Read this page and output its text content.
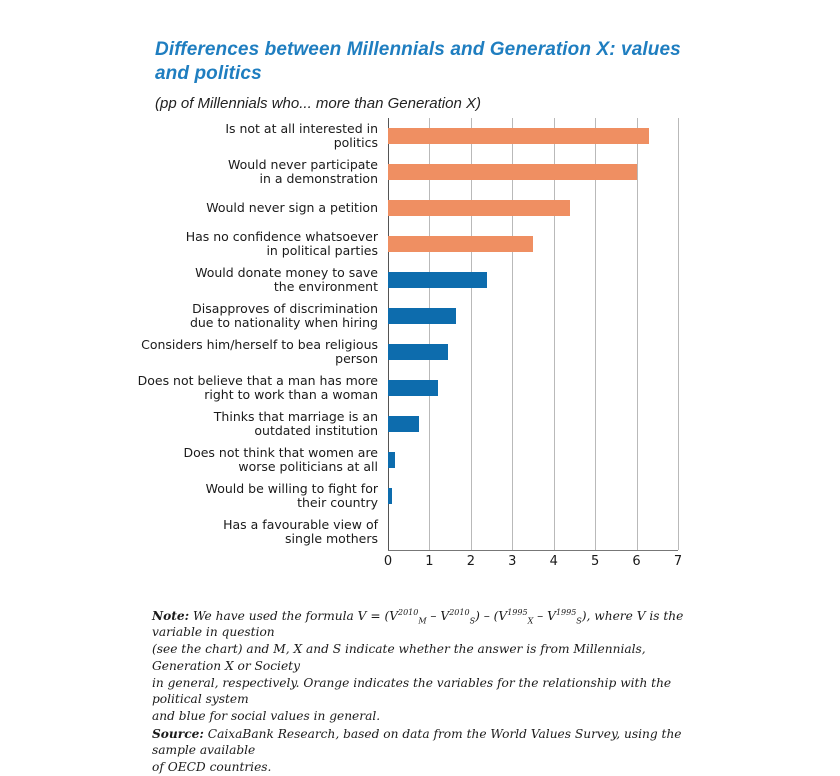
Differences between Millennials and Generation X: values and politics
(pp of Millennials who... more than Generation X)
Is not at all interested in
politics
Would never participate
in a demonstration
Would never sign a petition
Has no confidence whatsoever
in political parties
Would donate money to save
the environment
Disapproves of discrimination
due to nationality when hiring
Considers him/herself to bea religious
person
Does not believe that a man has more
right to work than a woman
Thinks that marriage is an
outdated institution
Does not think that women are
worse politicians at all
Would be willing to fight for
their country
Has a favourable view of
single mothers
0	1	2	3	4	5	6	7

Note: We have used the formula $V = (V^{2010}_M - V^{2010}_S) - (V^{1995}_X - V^{1995}_S)$, where V is the variable in question

(see the chart) and M, X and S indicate whether the answer is from Millennials, Generation X or Society

in general, respectively. Orange indicates the variables for the relationship with the political system

and blue for social values in general.

Source: CaixaBank Research, based on data from the World Values Survey, using the sample available

of OECD countries.
